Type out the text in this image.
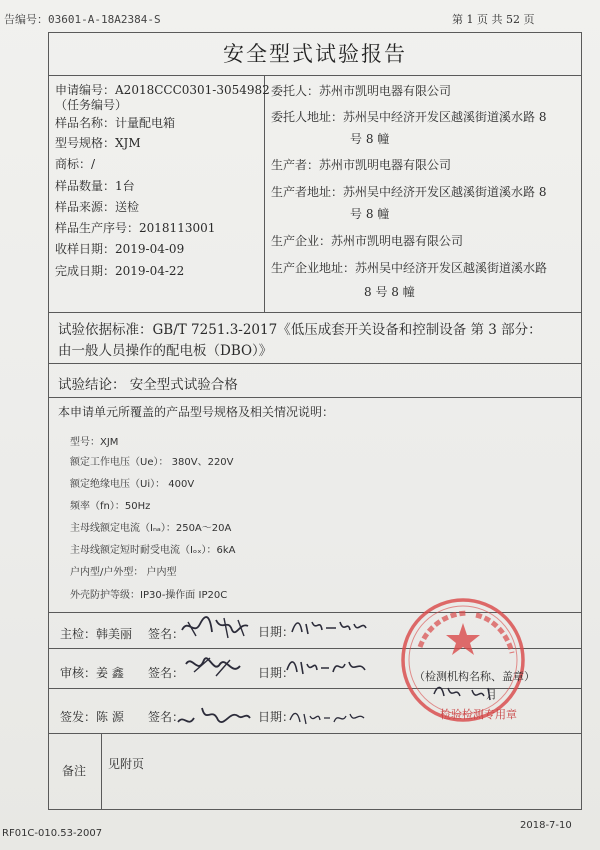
告编号：03601-A-18A2384-S	第 1 页 共 52 页
安全型式试验报告
申请编号：A2018CCC0301-3054982
（任务编号）
样品名称：计量配电箱
型号规格：XJM
商标：/
样品数量：1台
样品来源：送检
样品生产序号：2018113001
收样日期：2019-04-09
完成日期：2019-04-22
委托人：苏州市凯明电器有限公司
委托人地址：苏州吴中经济开发区越溪街道溪水路 8
号 8 幢
生产者：苏州市凯明电器有限公司
生产者地址：苏州吴中经济开发区越溪街道溪水路 8
号 8 幢
生产企业：苏州市凯明电器有限公司
生产企业地址：苏州吴中经济开发区越溪街道溪水路
8 号 8 幢
试验依据标准：GB/T 7251.3-2017《低压成套开关设备和控制设备 第 3 部分：
由一般人员操作的配电板（DBO）》
试验结论： 安全型式试验合格
本申请单元所覆盖的产品型号规格及相关情况说明：
型号：XJM
额定工作电压（Ue）： 380V、220V
额定绝缘电压（Ui）： 400V
频率（fn）：50Hz
主母线额定电流（Iₙₐ）：250A～20A
主母线额定短时耐受电流（Iₒₓ）：6kA
户内型/户外型： 户内型
外壳防护等级：IP30-操作面 IP20C
主检：韩美丽 签名：	日期：
审核：姜 鑫 签名：	日期：
签发：陈 源 签名：	日期：
（检测机构名称、盖章）
月
检验检测专用章
备注 见附页
RF01C-010.53-2007
2018-7-10
